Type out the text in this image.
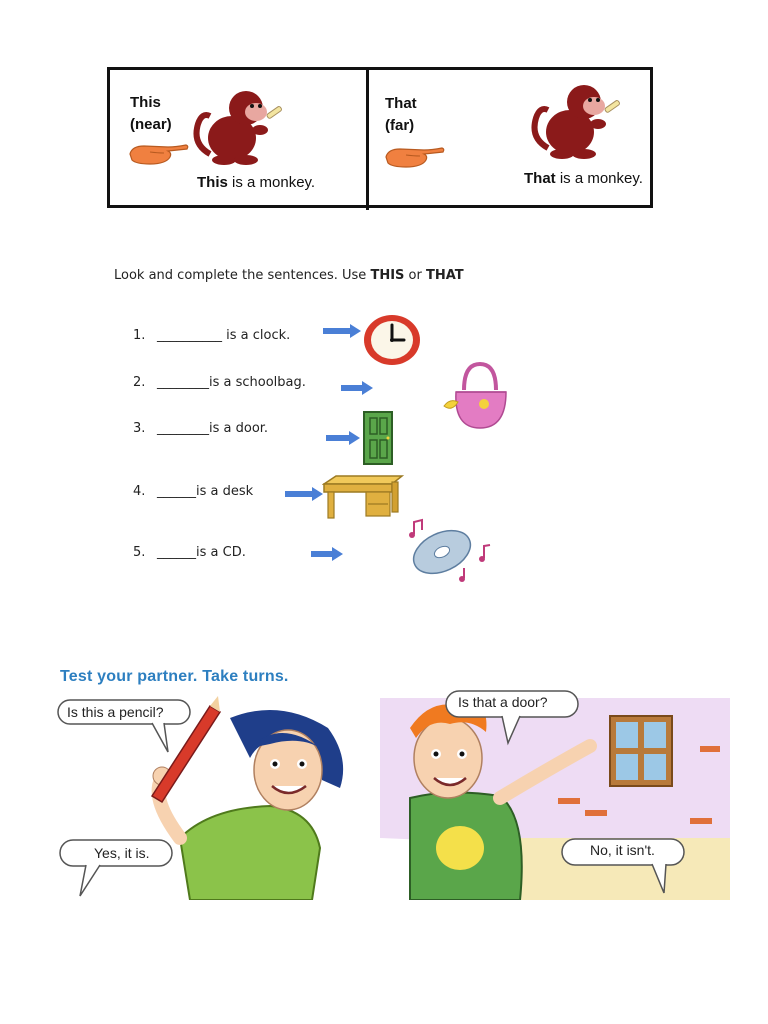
This
(near)
This is a monkey.
That
(far)
That is a monkey.
Look and complete the sentences. Use THIS or THAT
1. __________ is a clock.
2. ________is a schoolbag.
3. ________is a door.
4. ______is a desk
5. ______is a CD.
Test your partner. Take turns.
Is this a pencil?
Yes, it is.
Is that a door?
No, it isn't.
